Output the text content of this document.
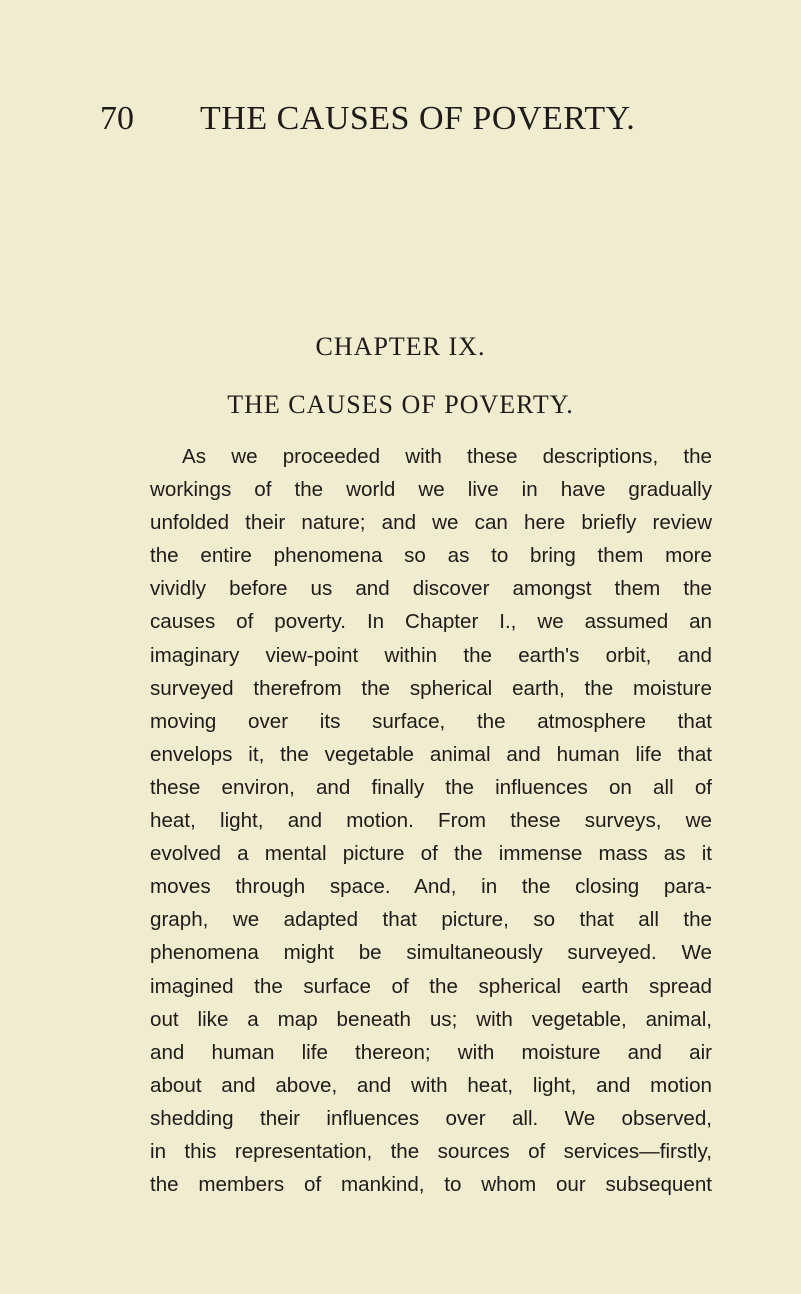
70 THE CAUSES OF POVERTY.
CHAPTER IX.
THE CAUSES OF POVERTY.
As we proceeded with these descriptions, the
workings of the world we live in have gradually
unfolded their nature; and we can here briefly review
the entire phenomena so as to bring them more
vividly before us and discover amongst them the
causes of poverty. In Chapter I., we assumed an
imaginary view-point within the earth's orbit, and
surveyed therefrom the spherical earth, the moisture
moving over its surface, the atmosphere that
envelops it, the vegetable animal and human life that
these environ, and finally the influences on all of
heat, light, and motion. From these surveys, we
evolved a mental picture of the immense mass as it
moves through space. And, in the closing para-
graph, we adapted that picture, so that all the
phenomena might be simultaneously surveyed. We
imagined the surface of the spherical earth spread
out like a map beneath us; with vegetable, animal,
and human life thereon; with moisture and air
about and above, and with heat, light, and motion
shedding their influences over all. We observed,
in this representation, the sources of services—firstly,
the members of mankind, to whom our subsequent
